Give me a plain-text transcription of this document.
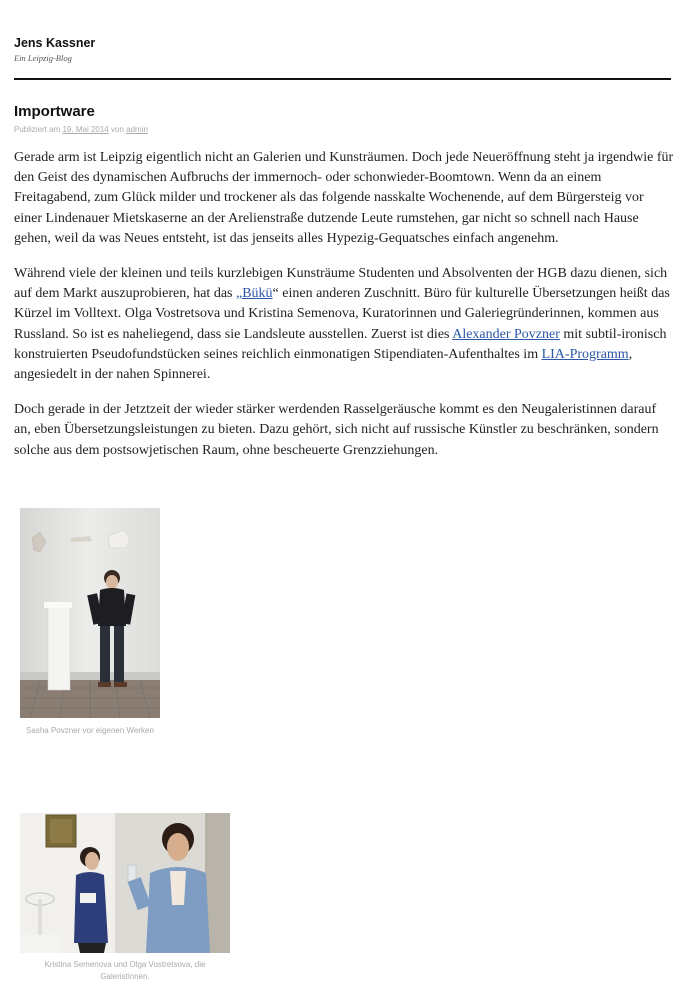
Jens Kassner
Ein Leipzig-Blog
Importware
Publiziert am 19. Mai 2014 von admin

Gerade arm ist Leipzig eigentlich nicht an Galerien und Kunsträumen. Doch jede Neueröffnung steht ja irgendwie für den Geist des dynamischen Aufbruchs der immernoch- oder schonwieder-Boomtown. Wenn da an einem Freitagabend, zum Glück milder und trockener als das folgende nasskalte Wochenende, auf dem Bürgersteig vor einer Lindenauer Mietskaserne an der Arelienstraße dutzende Leute rumstehen, gar nicht so schnell nach Hause gehen, weil da was Neues entsteht, ist das jenseits alles Hypezig-Gequatsches einfach angenehm.

Während viele der kleinen und teils kurzlebigen Kunsträume Studenten und Absolventen der HGB dazu dienen, sich auf dem Markt auszuprobieren, hat das „Bükü“ einen anderen Zuschnitt. Büro für kulturelle Übersetzungen heißt das Kürzel im Volltext. Olga Vostretsova und Kristina Semenova, Kuratorinnen und Galeriegründerinnen, kommen aus Russland. So ist es naheliegend, dass sie Landsleute ausstellen. Zuerst ist dies Alexander Povzner mit subtil-ironisch konstruierten Pseudofundstücken seines reichlich einmonatigen Stipendiaten-Aufenthaltes im LIA-Programm, angesiedelt in der nahen Spinnerei.

Doch gerade in der Jetztzeit der wieder stärker werdenden Rasselgeräusche kommt es den Neugaleristinnen darauf an, eben Übersetzungsleistungen zu bieten. Dazu gehört, sich nicht auf russische Künstler zu beschränken, sondern solche aus dem postsowjetischen Raum, ohne bescheuerte Grenzziehungen.

Sasha Povzner vor eigenen Werken
Kristina Semenova und Olga Vostretsova, die Galeristinnen.
